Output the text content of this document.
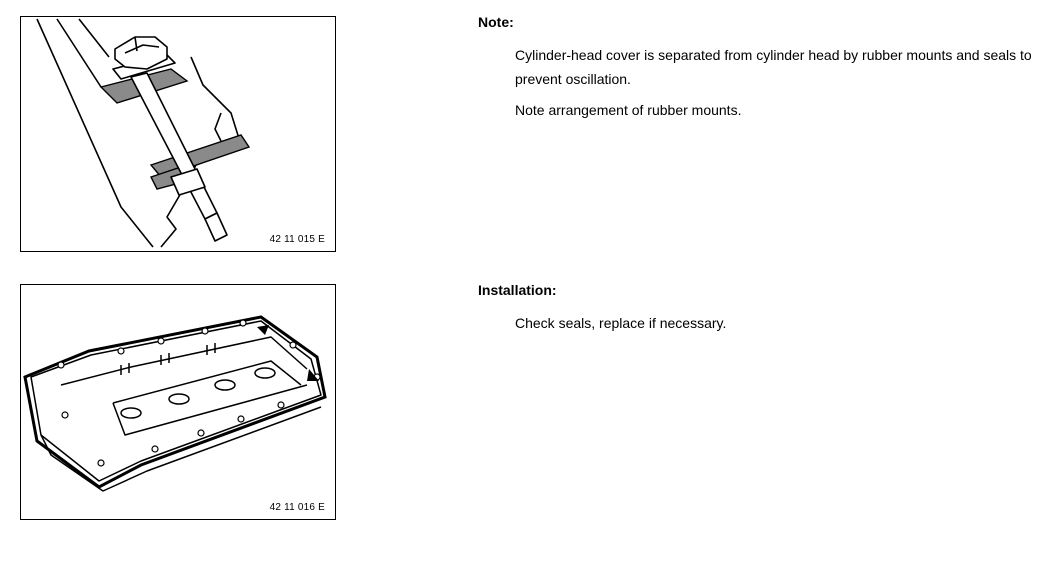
42 11 015 E
42 11 016 E
Note:
Cylinder-head cover is separated from cylinder head by rubber mounts and seals to prevent oscillation.
Note arrangement of rubber mounts.
Installation:
Check seals, replace if necessary.
